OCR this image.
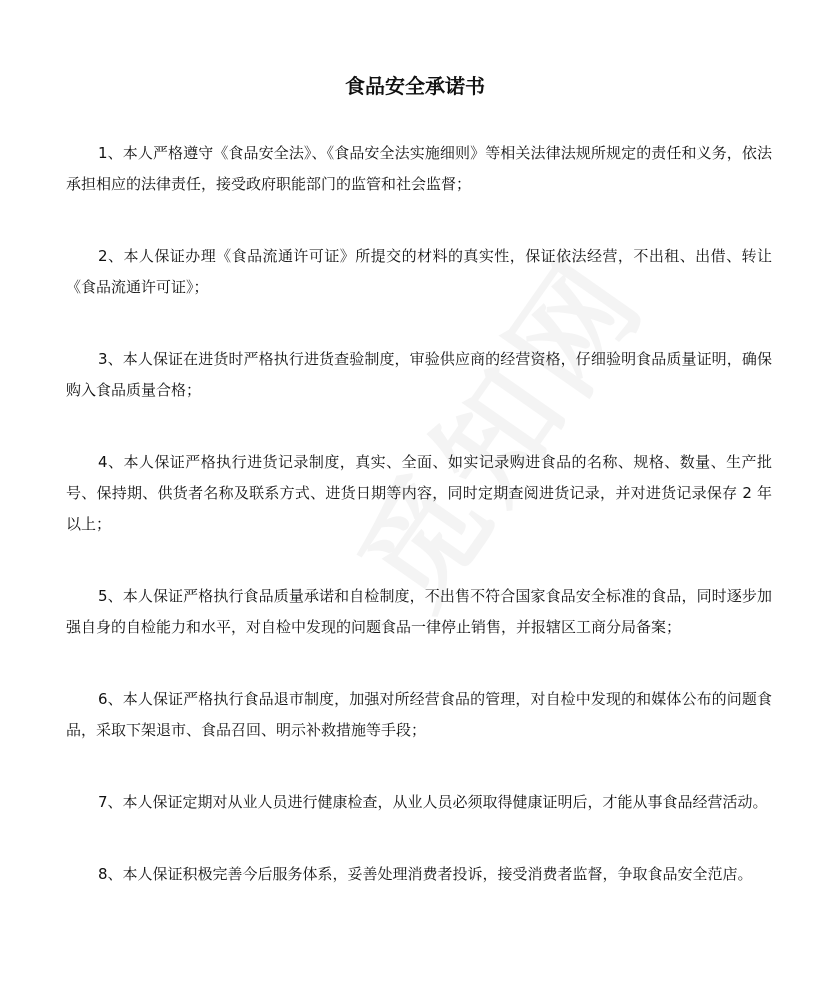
食品安全承诺书

1、本人严格遵守《食品安全法》、《食品安全法实施细则》等相关法律法规所规定的责任和义务，依法承担相应的法律责任，接受政府职能部门的监管和社会监督；

2、本人保证办理《食品流通许可证》所提交的材料的真实性，保证依法经营，不出租、出借、转让《食品流通许可证》；

3、本人保证在进货时严格执行进货查验制度，审验供应商的经营资格，仔细验明食品质量证明，确保购入食品质量合格；

4、本人保证严格执行进货记录制度，真实、全面、如实记录购进食品的名称、规格、数量、生产批号、保持期、供货者名称及联系方式、进货日期等内容，同时定期查阅进货记录，并对进货记录保存 2 年以上；

5、本人保证严格执行食品质量承诺和自检制度，不出售不符合国家食品安全标准的食品，同时逐步加强自身的自检能力和水平，对自检中发现的问题食品一律停止销售，并报辖区工商分局备案；

6、本人保证严格执行食品退市制度，加强对所经营食品的管理，对自检中发现的和媒体公布的问题食品，采取下架退市、食品召回、明示补救措施等手段；

7、本人保证定期对从业人员进行健康检查，从业人员必须取得健康证明后，才能从事食品经营活动。

8、本人保证积极完善今后服务体系，妥善处理消费者投诉，接受消费者监督，争取食品安全范店。
